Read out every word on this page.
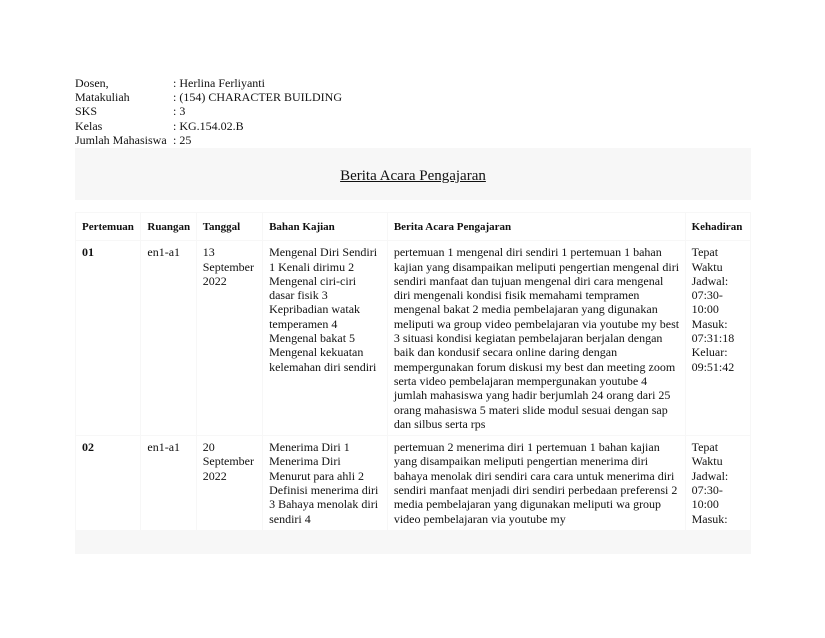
Dosen,	: Herlina Ferliyanti
Matakuliah	: (154) CHARACTER BUILDING
SKS	: 3
Kelas	: KG.154.02.B
Jumlah Mahasiswa : 25
Berita Acara Pengajaran
Pertemuan	Ruangan	Tanggal	Bahan Kajian	Berita Acara Pengajaran	Kehadiran
01	en1-a1	13 September 2022	Mengenal Diri Sendiri 1 Kenali dirimu 2 Mengenal ciri-ciri dasar fisik 3 Kepribadian watak temperamen 4 Mengenal bakat 5 Mengenal kekuatan kelemahan diri sendiri	pertemuan 1 mengenal diri sendiri 1 pertemuan 1 bahan kajian yang disampaikan meliputi pengertian mengenal diri sendiri manfaat dan tujuan mengenal diri cara mengenal diri mengenali kondisi fisik memahami tempramen mengenal bakat 2 media pembelajaran yang digunakan meliputi wa group video pembelajaran via youtube my best 3 situasi kondisi kegiatan pembelajaran berjalan dengan baik dan kondusif secara online daring dengan mempergunakan forum diskusi my best dan meeting zoom serta video pembelajaran mempergunakan youtube 4 jumlah mahasiswa yang hadir berjumlah 24 orang dari 25 orang mahasiswa 5 materi slide modul sesuai dengan sap dan silbus serta rps	Tepat Waktu Jadwal: 07:30-10:00 Masuk: 07:31:18 Keluar: 09:51:42
02	en1-a1	20 September 2022	Menerima Diri 1 Menerima Diri Menurut para ahli 2 Definisi menerima diri 3 Bahaya menolak diri sendiri 4	pertemuan 2 menerima diri 1 pertemuan 1 bahan kajian yang disampaikan meliputi pengertian menerima diri bahaya menolak diri sendiri cara cara untuk menerima diri sendiri manfaat menjadi diri sendiri perbedaan preferensi 2 media pembelajaran yang digunakan meliputi wa group video pembelajaran via youtube my	Tepat Waktu Jadwal: 07:30-10:00 Masuk:
